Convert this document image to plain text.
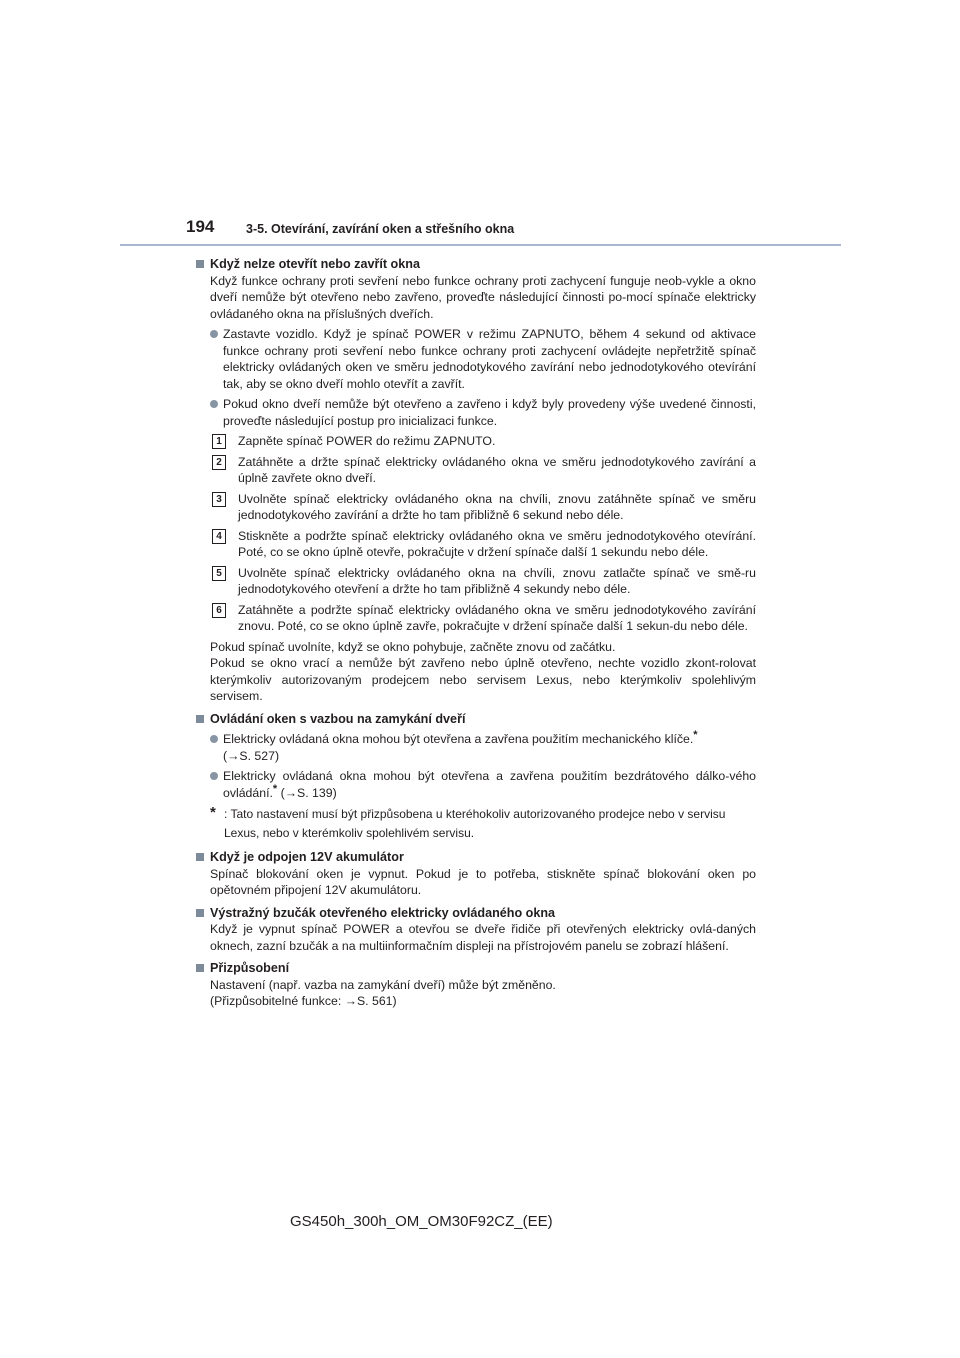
194	3-5. Otevírání, zavírání oken a střešního okna
Když nelze otevřít nebo zavřít okna
Když funkce ochrany proti sevření nebo funkce ochrany proti zachycení funguje neob-vykle a okno dveří nemůže být otevřeno nebo zavřeno, proveďte následující činnosti po-mocí spínače elektricky ovládaného okna na příslušných dveřích.
Zastavte vozidlo. Když je spínač POWER v režimu ZAPNUTO, během 4 sekund od aktivace funkce ochrany proti sevření nebo funkce ochrany proti zachycení ovládejte nepřetržitě spínač elektricky ovládaných oken ve směru jednodotykového zavírání nebo jednodotykového otevírání tak, aby se okno dveří mohlo otevřít a zavřít.
Pokud okno dveří nemůže být otevřeno a zavřeno i když byly provedeny výše uvedené činnosti, proveďte následující postup pro inicializaci funkce.
1	Zapněte spínač POWER do režimu ZAPNUTO.
2	Zatáhněte a držte spínač elektricky ovládaného okna ve směru jednodotykového zavírání a úplně zavřete okno dveří.
3	Uvolněte spínač elektricky ovládaného okna na chvíli, znovu zatáhněte spínač ve směru jednodotykového zavírání a držte ho tam přibližně 6 sekund nebo déle.
4	Stiskněte a podržte spínač elektricky ovládaného okna ve směru jednodotykového otevírání. Poté, co se okno úplně otevře, pokračujte v držení spínače další 1 sekundu nebo déle.
5	Uvolněte spínač elektricky ovládaného okna na chvíli, znovu zatlačte spínač ve smě-ru jednodotykového otevření a držte ho tam přibližně 4 sekundy nebo déle.
6	Zatáhněte a podržte spínač elektricky ovládaného okna ve směru jednodotykového zavírání znovu. Poté, co se okno úplně zavře, pokračujte v držení spínače další 1 sekun-du nebo déle.
Pokud spínač uvolníte, když se okno pohybuje, začněte znovu od začátku.
Pokud se okno vrací a nemůže být zavřeno nebo úplně otevřeno, nechte vozidlo zkont-rolovat kterýmkoliv autorizovaným prodejcem nebo servisem Lexus, nebo kterýmkoliv spolehlivým servisem.
Ovládání oken s vazbou na zamykání dveří
Elektricky ovládaná okna mohou být otevřena a zavřena použitím mechanického klíče.*
(→S. 527)
Elektricky ovládaná okna mohou být otevřena a zavřena použitím bezdrátového dálko-vého ovládání.* (→S. 139)
* : Tato nastavení musí být přizpůsobena u kteréhokoliv autorizovaného prodejce nebo v servisu Lexus, nebo v kterémkoliv spolehlivém servisu.
Když je odpojen 12V akumulátor
Spínač blokování oken je vypnut. Pokud je to potřeba, stiskněte spínač blokování oken po opětovném připojení 12V akumulátoru.
Výstražný bzučák otevřeného elektricky ovládaného okna
Když je vypnut spínač POWER a otevřou se dveře řidiče při otevřených elektricky ovlá-daných oknech, zazní bzučák a na multiinformačním displeji na přístrojovém panelu se zobrazí hlášení.
Přizpůsobení
Nastavení (např. vazba na zamykání dveří) může být změněno.
(Přizpůsobitelné funkce: →S. 561)
GS450h_300h_OM_OM30F92CZ_(EE)
